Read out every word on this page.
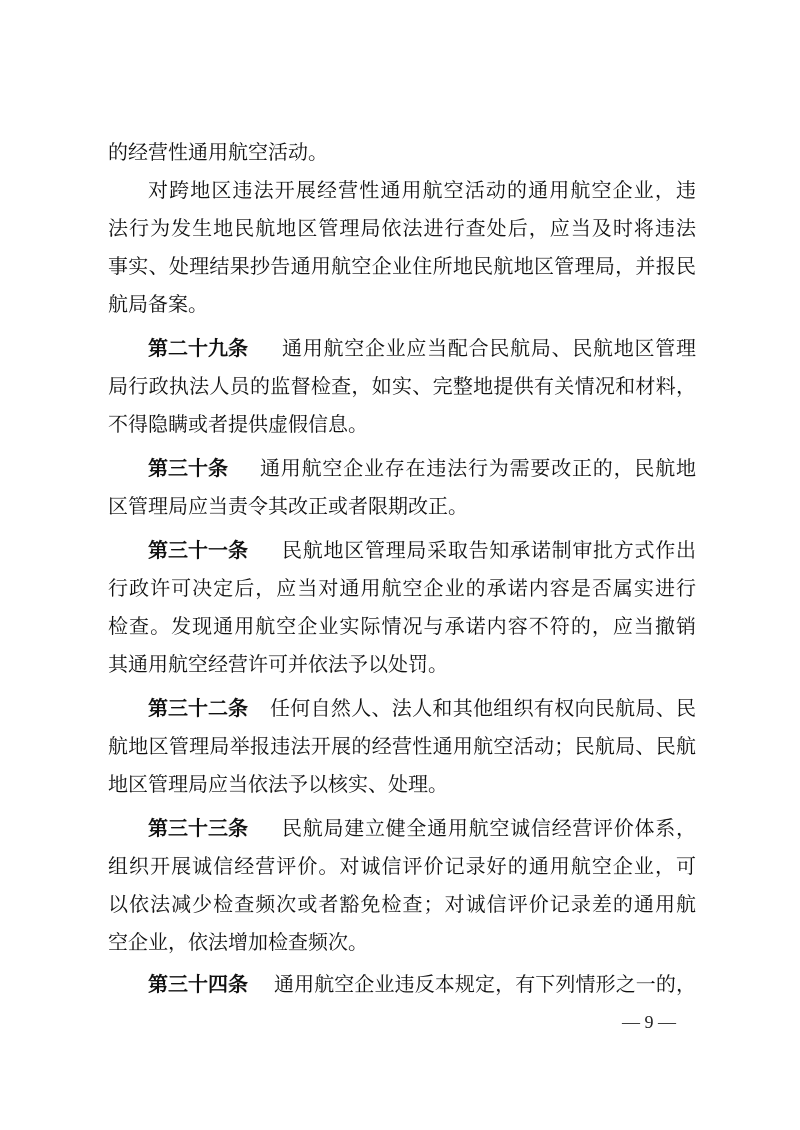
的经营性通用航空活动。
对跨地区违法开展经营性通用航空活动的通用航空企业，违
法行为发生地民航地区管理局依法进行查处后，应当及时将违法
事实、处理结果抄告通用航空企业住所地民航地区管理局，并报民
航局备案。
第二十九条	通用航空企业应当配合民航局、民航地区管理
局行政执法人员的监督检查，如实、完整地提供有关情况和材料，
不得隐瞒或者提供虚假信息。
第三十条	通用航空企业存在违法行为需要改正的，民航地
区管理局应当责令其改正或者限期改正。
第三十一条	民航地区管理局采取告知承诺制审批方式作出
行政许可决定后，应当对通用航空企业的承诺内容是否属实进行
检查。发现通用航空企业实际情况与承诺内容不符的，应当撤销
其通用航空经营许可并依法予以处罚。
第三十二条	任何自然人、法人和其他组织有权向民航局、民
航地区管理局举报违法开展的经营性通用航空活动；民航局、民航
地区管理局应当依法予以核实、处理。
第三十三条	民航局建立健全通用航空诚信经营评价体系，
组织开展诚信经营评价。对诚信评价记录好的通用航空企业，可
以依法减少检查频次或者豁免检查；对诚信评价记录差的通用航
空企业，依法增加检查频次。
第三十四条	通用航空企业违反本规定，有下列情形之一的，
— 9 —
